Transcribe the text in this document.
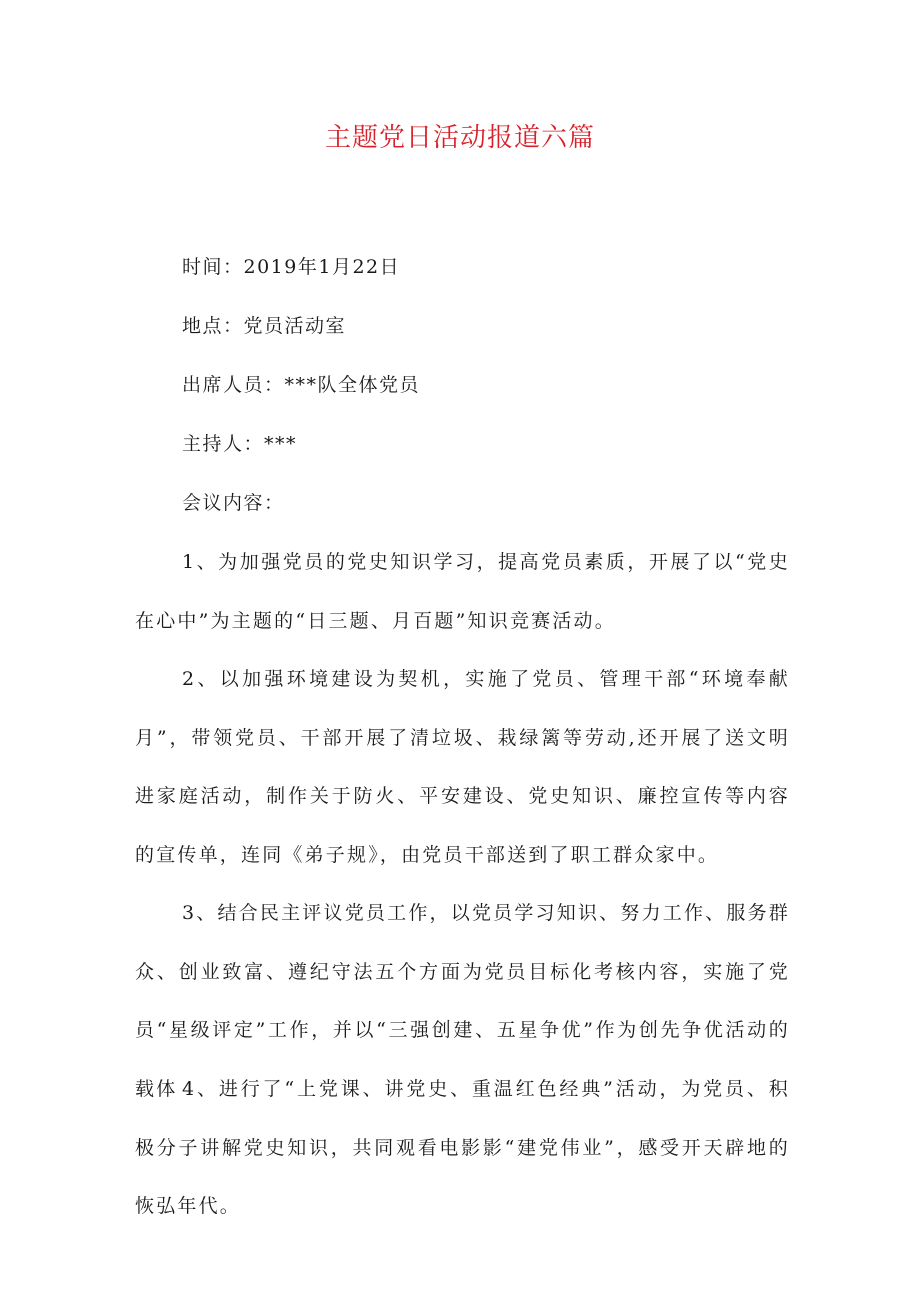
主题党日活动报道六篇
时间：2019年1月22日
地点：党员活动室
出席人员：***队全体党员
主持人：***
会议内容：

1、为加强党员的党史知识学习，提高党员素质，开展了以“党史在心中”为主题的“日三题、月百题”知识竞赛活动。

2、以加强环境建设为契机，实施了党员、管理干部“环境奉献月”，带领党员、干部开展了清垃圾、栽绿篱等劳动,还开展了送文明进家庭活动，制作关于防火、平安建设、党史知识、廉控宣传等内容的宣传单，连同《弟子规》，由党员干部送到了职工群众家中。

3、结合民主评议党员工作，以党员学习知识、努力工作、服务群众、创业致富、遵纪守法五个方面为党员目标化考核内容，实施了党员“星级评定”工作，并以“三强创建、五星争优”作为创先争优活动的载体 4、进行了“上党课、讲党史、重温红色经典”活动，为党员、积极分子讲解党史知识，共同观看电影影“建党伟业”，感受开天辟地的恢弘年代。
